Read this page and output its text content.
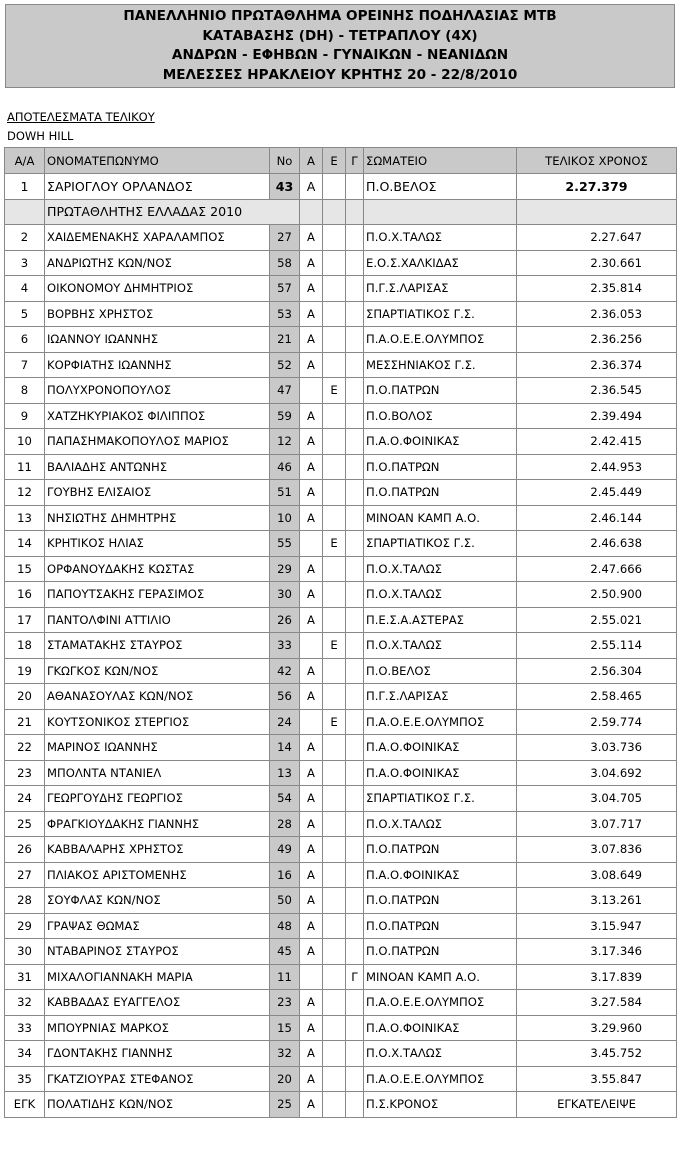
ΠΑΝΕΛΛΗΝΙΟ ΠΡΩΤΑΘΛΗΜΑ ΟΡΕΙΝΗΣ ΠΟΔΗΛΑΣΙΑΣ MTB
ΚΑΤΑΒΑΣΗΣ (DH) - ΤΕΤΡΑΠΛΟΥ (4X)
ΑΝΔΡΩΝ - ΕΦΗΒΩΝ - ΓΥΝΑΙΚΩΝ - ΝΕΑΝΙΔΩΝ
ΜΕΛΕΣΣΕΣ ΗΡΑΚΛΕΙΟΥ ΚΡΗΤΗΣ 20 - 22/8/2010
ΑΠΟΤΕΛΕΣΜΑΤΑ ΤΕΛΙΚΟΥ
DOWH HILL
Α/Α	ΟΝΟΜΑΤΕΠΩΝΥΜΟ	No	Α	Ε	Γ	ΣΩΜΑΤΕΙΟ	ΤΕΛΙΚΟΣ ΧΡΟΝΟΣ
1	ΣΑΡΙΟΓΛΟΥ ΟΡΛΑΝΔΟΣ	43	Α			Π.Ο.ΒΕΛΟΣ	2.27.379
	ΠΡΩΤΑΘΛΗΤΗΣ ΕΛΛΑΔΑΣ 2010						
2	ΧΑΙΔΕΜΕΝΑΚΗΣ ΧΑΡΑΛΑΜΠΟΣ	27	Α			Π.Ο.Χ.ΤΑΛΩΣ	2.27.647
3	ΑΝΔΡΙΩΤΗΣ ΚΩΝ/ΝΟΣ	58	Α			Ε.Ο.Σ.ΧΑΛΚΙΔΑΣ	2.30.661
4	ΟΙΚΟΝΟΜΟΥ ΔΗΜΗΤΡΙΟΣ	57	Α			Π.Γ.Σ.ΛΑΡΙΣΑΣ	2.35.814
5	ΒΟΡΒΗΣ ΧΡΗΣΤΟΣ	53	Α			ΣΠΑΡΤΙΑΤΙΚΟΣ Γ.Σ.	2.36.053
6	ΙΩΑΝΝΟΥ ΙΩΑΝΝΗΣ	21	Α			Π.Α.Ο.Ε.Ε.ΟΛΥΜΠΟΣ	2.36.256
7	ΚΟΡΦΙΑΤΗΣ ΙΩΑΝΝΗΣ	52	Α			ΜΕΣΣΗΝΙΑΚΟΣ Γ.Σ.	2.36.374
8	ΠΟΛΥΧΡΟΝΟΠΟΥΛΟΣ	47		Ε		Π.Ο.ΠΑΤΡΩΝ	2.36.545
9	ΧΑΤΖΗΚΥΡΙΑΚΟΣ ΦΙΛΙΠΠΟΣ	59	Α			Π.Ο.ΒΟΛΟΣ	2.39.494
10	ΠΑΠΑΣΗΜΑΚΟΠΟΥΛΟΣ ΜΑΡΙΟΣ	12	Α			Π.Α.Ο.ΦΟΙΝΙΚΑΣ	2.42.415
11	ΒΑΛΙΑΔΗΣ ΑΝΤΩΝΗΣ	46	Α			Π.Ο.ΠΑΤΡΩΝ	2.44.953
12	ΓΟΥΒΗΣ ΕΛΙΣΑΙΟΣ	51	Α			Π.Ο.ΠΑΤΡΩΝ	2.45.449
13	ΝΗΣΙΩΤΗΣ ΔΗΜΗΤΡΗΣ	10	Α			ΜΙΝΟΑΝ ΚΑΜΠ Α.Ο.	2.46.144
14	ΚΡΗΤΙΚΟΣ ΗΛΙΑΣ	55		Ε		ΣΠΑΡΤΙΑΤΙΚΟΣ Γ.Σ.	2.46.638
15	ΟΡΦΑΝΟΥΔΑΚΗΣ ΚΩΣΤΑΣ	29	Α			Π.Ο.Χ.ΤΑΛΩΣ	2.47.666
16	ΠΑΠΟΥΤΣΑΚΗΣ ΓΕΡΑΣΙΜΟΣ	30	Α			Π.Ο.Χ.ΤΑΛΩΣ	2.50.900
17	ΠΑΝΤΟΛΦΙΝΙ ΑΤΤΙΛΙΟ	26	Α			Π.Ε.Σ.Α.ΑΣΤΕΡΑΣ	2.55.021
18	ΣΤΑΜΑΤΑΚΗΣ ΣΤΑΥΡΟΣ	33		Ε		Π.Ο.Χ.ΤΑΛΩΣ	2.55.114
19	ΓΚΩΓΚΟΣ ΚΩΝ/ΝΟΣ	42	Α			Π.Ο.ΒΕΛΟΣ	2.56.304
20	ΑΘΑΝΑΣΟΥΛΑΣ ΚΩΝ/ΝΟΣ	56	Α			Π.Γ.Σ.ΛΑΡΙΣΑΣ	2.58.465
21	ΚΟΥΤΣΟΝΙΚΟΣ ΣΤΕΡΓΙΟΣ	24		Ε		Π.Α.Ο.Ε.Ε.ΟΛΥΜΠΟΣ	2.59.774
22	ΜΑΡΙΝΟΣ ΙΩΑΝΝΗΣ	14	Α			Π.Α.Ο.ΦΟΙΝΙΚΑΣ	3.03.736
23	ΜΠΟΛΝΤΑ ΝΤΑΝΙΕΛ	13	Α			Π.Α.Ο.ΦΟΙΝΙΚΑΣ	3.04.692
24	ΓΕΩΡΓΟΥΔΗΣ ΓΕΩΡΓΙΟΣ	54	Α			ΣΠΑΡΤΙΑΤΙΚΟΣ Γ.Σ.	3.04.705
25	ΦΡΑΓΚΙΟΥΔΑΚΗΣ ΓΙΑΝΝΗΣ	28	Α			Π.Ο.Χ.ΤΑΛΩΣ	3.07.717
26	ΚΑΒΒΑΛΑΡΗΣ ΧΡΗΣΤΟΣ	49	Α			Π.Ο.ΠΑΤΡΩΝ	3.07.836
27	ΠΛΙΑΚΟΣ ΑΡΙΣΤΟΜΕΝΗΣ	16	Α			Π.Α.Ο.ΦΟΙΝΙΚΑΣ	3.08.649
28	ΣΟΥΦΛΑΣ ΚΩΝ/ΝΟΣ	50	Α			Π.Ο.ΠΑΤΡΩΝ	3.13.261
29	ΓΡΑΨΑΣ ΘΩΜΑΣ	48	Α			Π.Ο.ΠΑΤΡΩΝ	3.15.947
30	ΝΤΑΒΑΡΙΝΟΣ ΣΤΑΥΡΟΣ	45	Α			Π.Ο.ΠΑΤΡΩΝ	3.17.346
31	ΜΙΧΑΛΟΓΙΑΝΝΑΚΗ ΜΑΡΙΑ	11			Γ	ΜΙΝΟΑΝ ΚΑΜΠ Α.Ο.	3.17.839
32	ΚΑΒΒΑΔΑΣ ΕΥΑΓΓΕΛΟΣ	23	Α			Π.Α.Ο.Ε.Ε.ΟΛΥΜΠΟΣ	3.27.584
33	ΜΠΟΥΡΝΙΑΣ ΜΑΡΚΟΣ	15	Α			Π.Α.Ο.ΦΟΙΝΙΚΑΣ	3.29.960
34	ΓΔΟΝΤΑΚΗΣ ΓΙΑΝΝΗΣ	32	Α			Π.Ο.Χ.ΤΑΛΩΣ	3.45.752
35	ΓΚΑΤΖΙΟΥΡΑΣ ΣΤΕΦΑΝΟΣ	20	Α			Π.Α.Ο.Ε.Ε.ΟΛΥΜΠΟΣ	3.55.847
ΕΓΚ	ΠΟΛΑΤΙΔΗΣ ΚΩΝ/ΝΟΣ	25	Α			Π.Σ.ΚΡΟΝΟΣ	ΕΓΚΑΤΕΛΕΙΨΕ
